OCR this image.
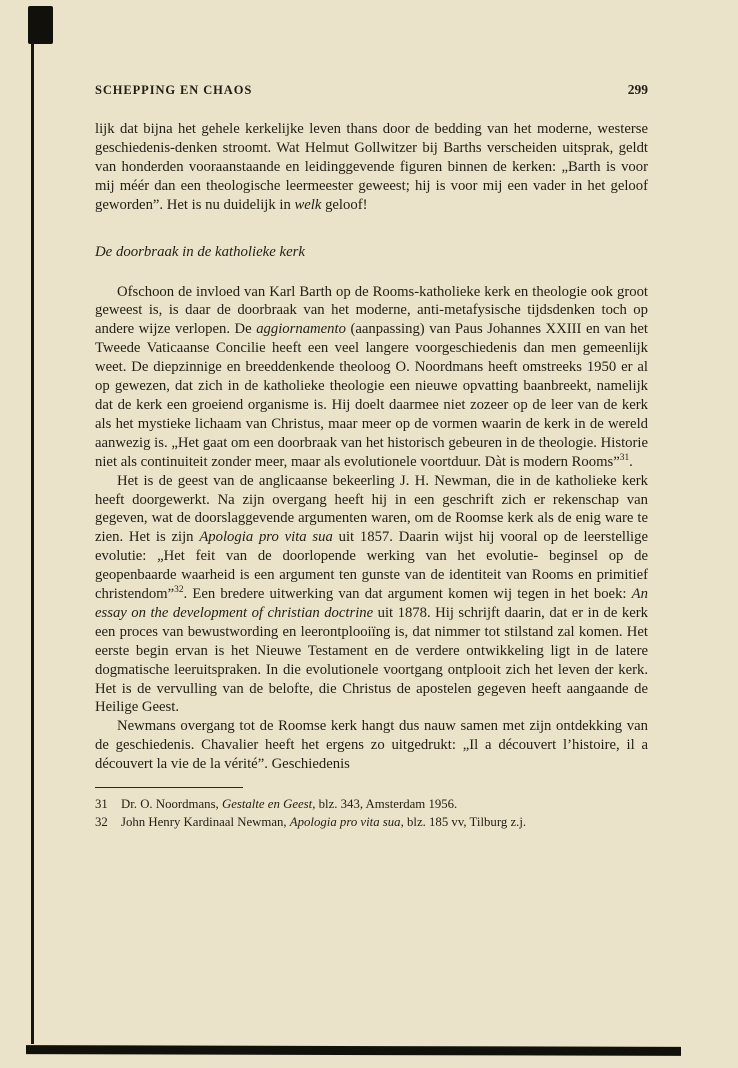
SCHEPPING EN CHAOS	299

lijk dat bijna het gehele kerkelijke leven thans door de bedding van het moderne, westerse geschiedenis-denken stroomt. Wat Helmut Gollwitzer bij Barths verscheiden uitsprak, geldt van honderden vooraanstaande en leidinggevende figuren binnen de kerken: „Barth is voor mij méér dan een theologische leermeester geweest; hij is voor mij een vader in het geloof geworden”. Het is nu duidelijk in welk geloof!

De doorbraak in de katholieke kerk

Ofschoon de invloed van Karl Barth op de Rooms-katholieke kerk en theologie ook groot geweest is, is daar de doorbraak van het moderne, anti-metafysische tijdsdenken toch op andere wijze verlopen. De aggiornamento (aanpassing) van Paus Johannes XXIII en van het Tweede Vaticaanse Concilie heeft een veel langere voorgeschiedenis dan men gemeenlijk weet. De diepzinnige en breeddenkende theoloog O. Noordmans heeft omstreeks 1950 er al op gewezen, dat zich in de katholieke theologie een nieuwe opvatting baanbreekt, namelijk dat de kerk een groeiend organisme is. Hij doelt daarmee niet zozeer op de leer van de kerk als het mystieke lichaam van Christus, maar meer op de vormen waarin de kerk in de wereld aanwezig is. „Het gaat om een doorbraak van het historisch gebeuren in de theologie. Historie niet als continuiteit zonder meer, maar als evolutionele voortduur. Dàt is modern Rooms”$^{31}$.

Het is de geest van de anglicaanse bekeerling J. H. Newman, die in de katholieke kerk heeft doorgewerkt. Na zijn overgang heeft hij in een geschrift zich er rekenschap van gegeven, wat de doorslaggevende argumenten waren, om de Roomse kerk als de enig ware te zien. Het is zijn Apologia pro vita sua uit 1857. Daarin wijst hij vooral op de leerstellige evolutie: „Het feit van de doorlopende werking van het evolutie- beginsel op de geopenbaarde waarheid is een argument ten gunste van de identiteit van Rooms en primitief christendom”$^{32}$. Een bredere uitwerking van dat argument komen wij tegen in het boek: An essay on the development of christian doctrine uit 1878. Hij schrijft daarin, dat er in de kerk een proces van bewustwording en leerontplooiïng is, dat nimmer tot stilstand zal komen. Het eerste begin ervan is het Nieuwe Testament en de verdere ontwikkeling ligt in de latere dogmatische leeruitspraken. In die evolutionele voortgang ontplooit zich het leven der kerk. Het is de vervulling van de belofte, die Christus de apostelen gegeven heeft aangaande de Heilige Geest.

Newmans overgang tot de Roomse kerk hangt dus nauw samen met zijn ontdekking van de geschiedenis. Chavalier heeft het ergens zo uitgedrukt: „Il a découvert l’histoire, il a découvert la vie de la vérité”. Geschiedenis

31 Dr. O. Noordmans, Gestalte en Geest, blz. 343, Amsterdam 1956.

32 John Henry Kardinaal Newman, Apologia pro vita sua, blz. 185 vv, Tilburg z.j.
